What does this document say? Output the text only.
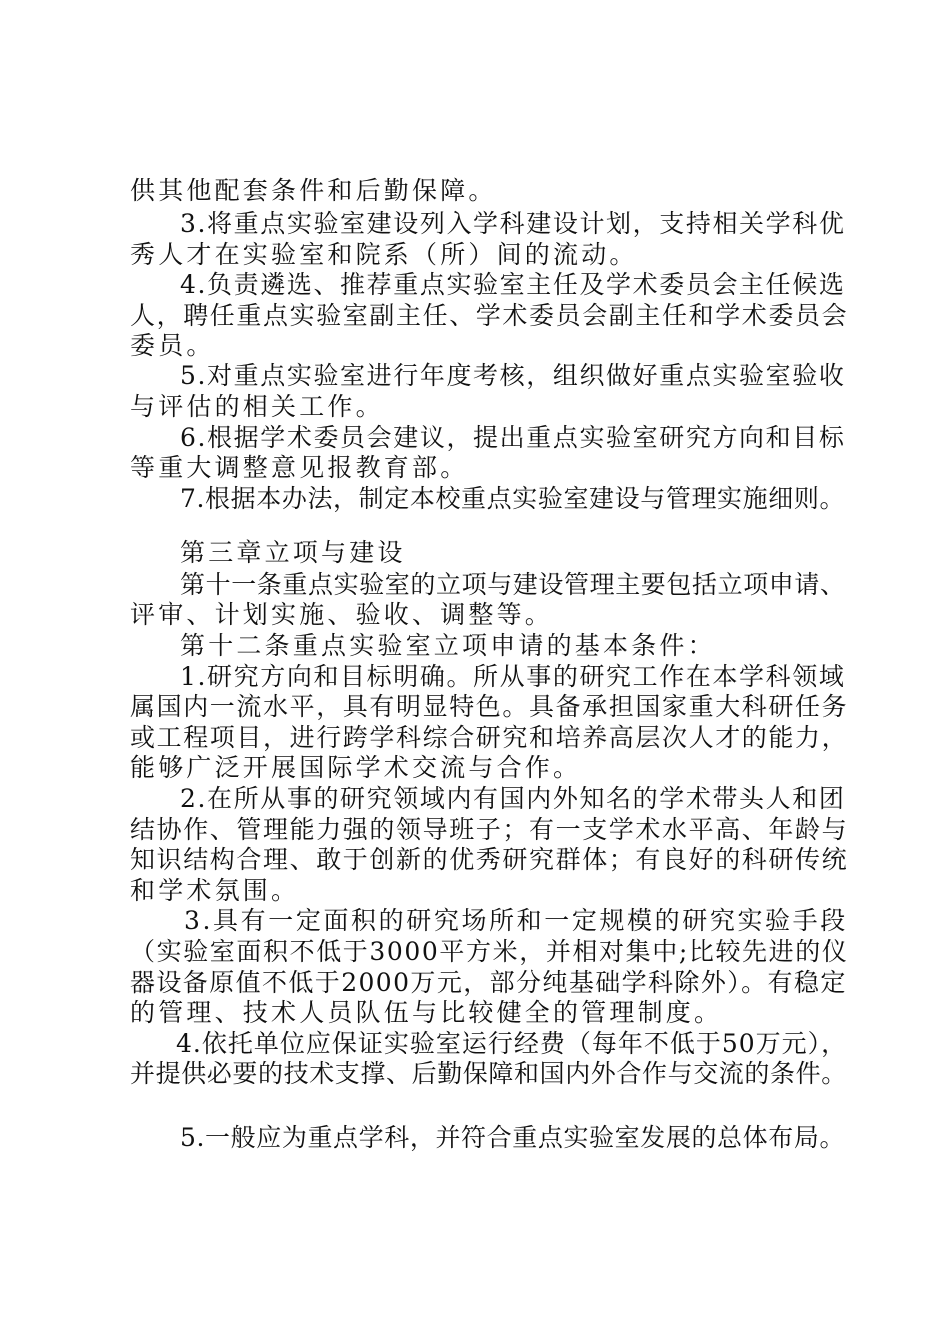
供其他配套条件和后勤保障。
3.将重点实验室建设列入学科建设计划，支持相关学科优
秀人才在实验室和院系（所）间的流动。
4.负责遴选、推荐重点实验室主任及学术委员会主任候选
人，聘任重点实验室副主任、学术委员会副主任和学术委员会
委员。
5.对重点实验室进行年度考核，组织做好重点实验室验收
与评估的相关工作。
6.根据学术委员会建议，提出重点实验室研究方向和目标
等重大调整意见报教育部。
7.根据本办法，制定本校重点实验室建设与管理实施细则。
第三章立项与建设
第十一条重点实验室的立项与建设管理主要包括立项申请、
评审、计划实施、验收、调整等。
第十二条重点实验室立项申请的基本条件：
1.研究方向和目标明确。所从事的研究工作在本学科领域
属国内一流水平，具有明显特色。具备承担国家重大科研任务
或工程项目，进行跨学科综合研究和培养高层次人才的能力，
能够广泛开展国际学术交流与合作。
2.在所从事的研究领域内有国内外知名的学术带头人和团
结协作、管理能力强的领导班子；有一支学术水平高、年龄与
知识结构合理、敢于创新的优秀研究群体；有良好的科研传统
和学术氛围。
3.具有一定面积的研究场所和一定规模的研究实验手段
（实验室面积不低于3000平方米，并相对集中;比较先进的仪
器设备原值不低于2000万元，部分纯基础学科除外）。有稳定
的管理、技术人员队伍与比较健全的管理制度。
4.依托单位应保证实验室运行经费（每年不低于50万元），
并提供必要的技术支撑、后勤保障和国内外合作与交流的条件。
5.一般应为重点学科，并符合重点实验室发展的总体布局。
